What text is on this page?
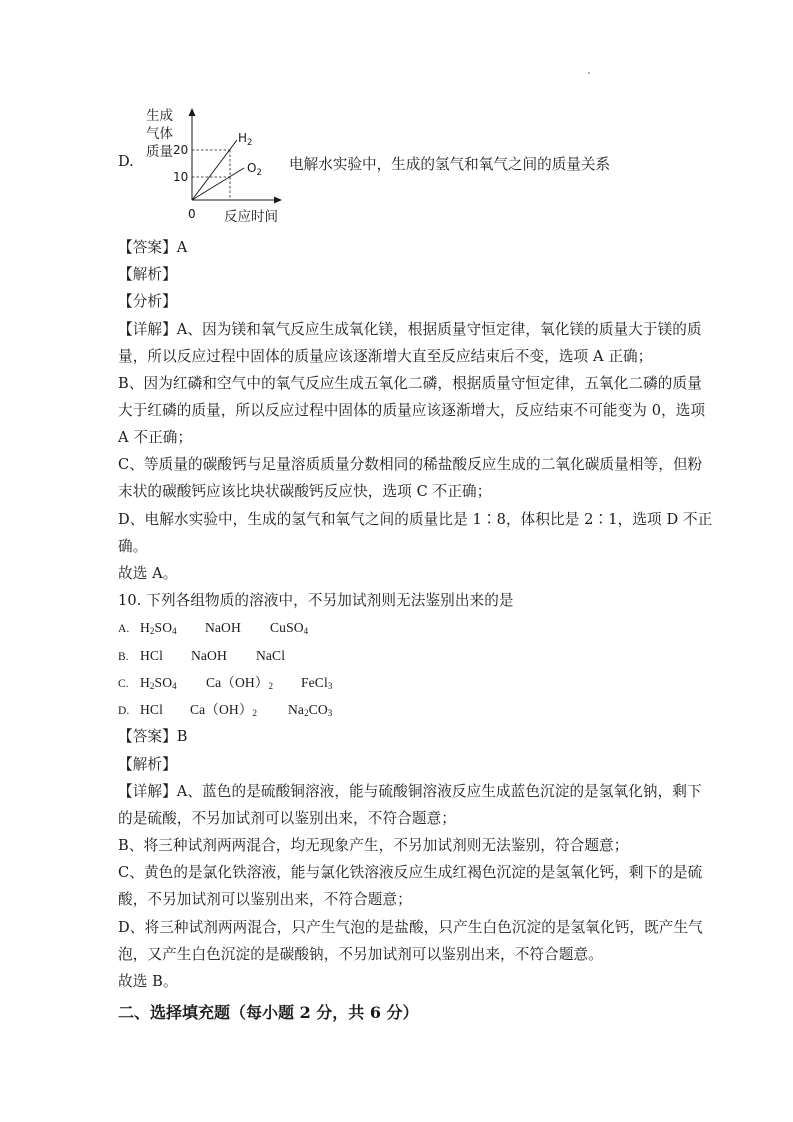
D.
生成
气体
质量 20
10
$H_2$
$O_2$
0 反应时间
电解水实验中，生成的氢气和氧气之间的质量关系
【答案】A
【解析】
【分析】
【详解】A、因为镁和氧气反应生成氧化镁，根据质量守恒定律，氧化镁的质量大于镁的质
量，所以反应过程中固体的质量应该逐渐增大直至反应结束后不变，选项 A 正确；
B、因为红磷和空气中的氧气反应生成五氧化二磷，根据质量守恒定律，五氧化二磷的质量
大于红磷的质量，所以反应过程中固体的质量应该逐渐增大，反应结束不可能变为 0，选项
A 不正确；
C、等质量的碳酸钙与足量溶质质量分数相同的稀盐酸反应生成的二氧化碳质量相等，但粉
末状的碳酸钙应该比块状碳酸钙反应快，选项 C 不正确；
D、电解水实验中，生成的氢气和氧气之间的质量比是 1∶8，体积比是 2∶1，选项 D 不正
确。
故选 A。
10. 下列各组物质的溶液中，不另加试剂则无法鉴别出来的是
A. $H_2SO_4$ NaOH CuSO$_4$
B. HCl NaOH NaCl
C. $H_2SO_4$ $Ca(OH)_2$ FeCl$_3$
D. HCl $Ca(OH)_2$ $Na_2CO_3$
【答案】B
【解析】
【详解】A、蓝色的是硫酸铜溶液，能与硫酸铜溶液反应生成蓝色沉淀的是氢氧化钠，剩下
的是硫酸，不另加试剂可以鉴别出来，不符合题意；
B、将三种试剂两两混合，均无现象产生，不另加试剂则无法鉴别，符合题意；
C、黄色的是氯化铁溶液，能与氯化铁溶液反应生成红褐色沉淀的是氢氧化钙，剩下的是硫
酸，不另加试剂可以鉴别出来，不符合题意；
D、将三种试剂两两混合，只产生气泡的是盐酸，只产生白色沉淀的是氢氧化钙，既产生气
泡，又产生白色沉淀的是碳酸钠，不另加试剂可以鉴别出来，不符合题意。
故选 B。
二、选择填充题（每小题 2 分，共 6 分）
